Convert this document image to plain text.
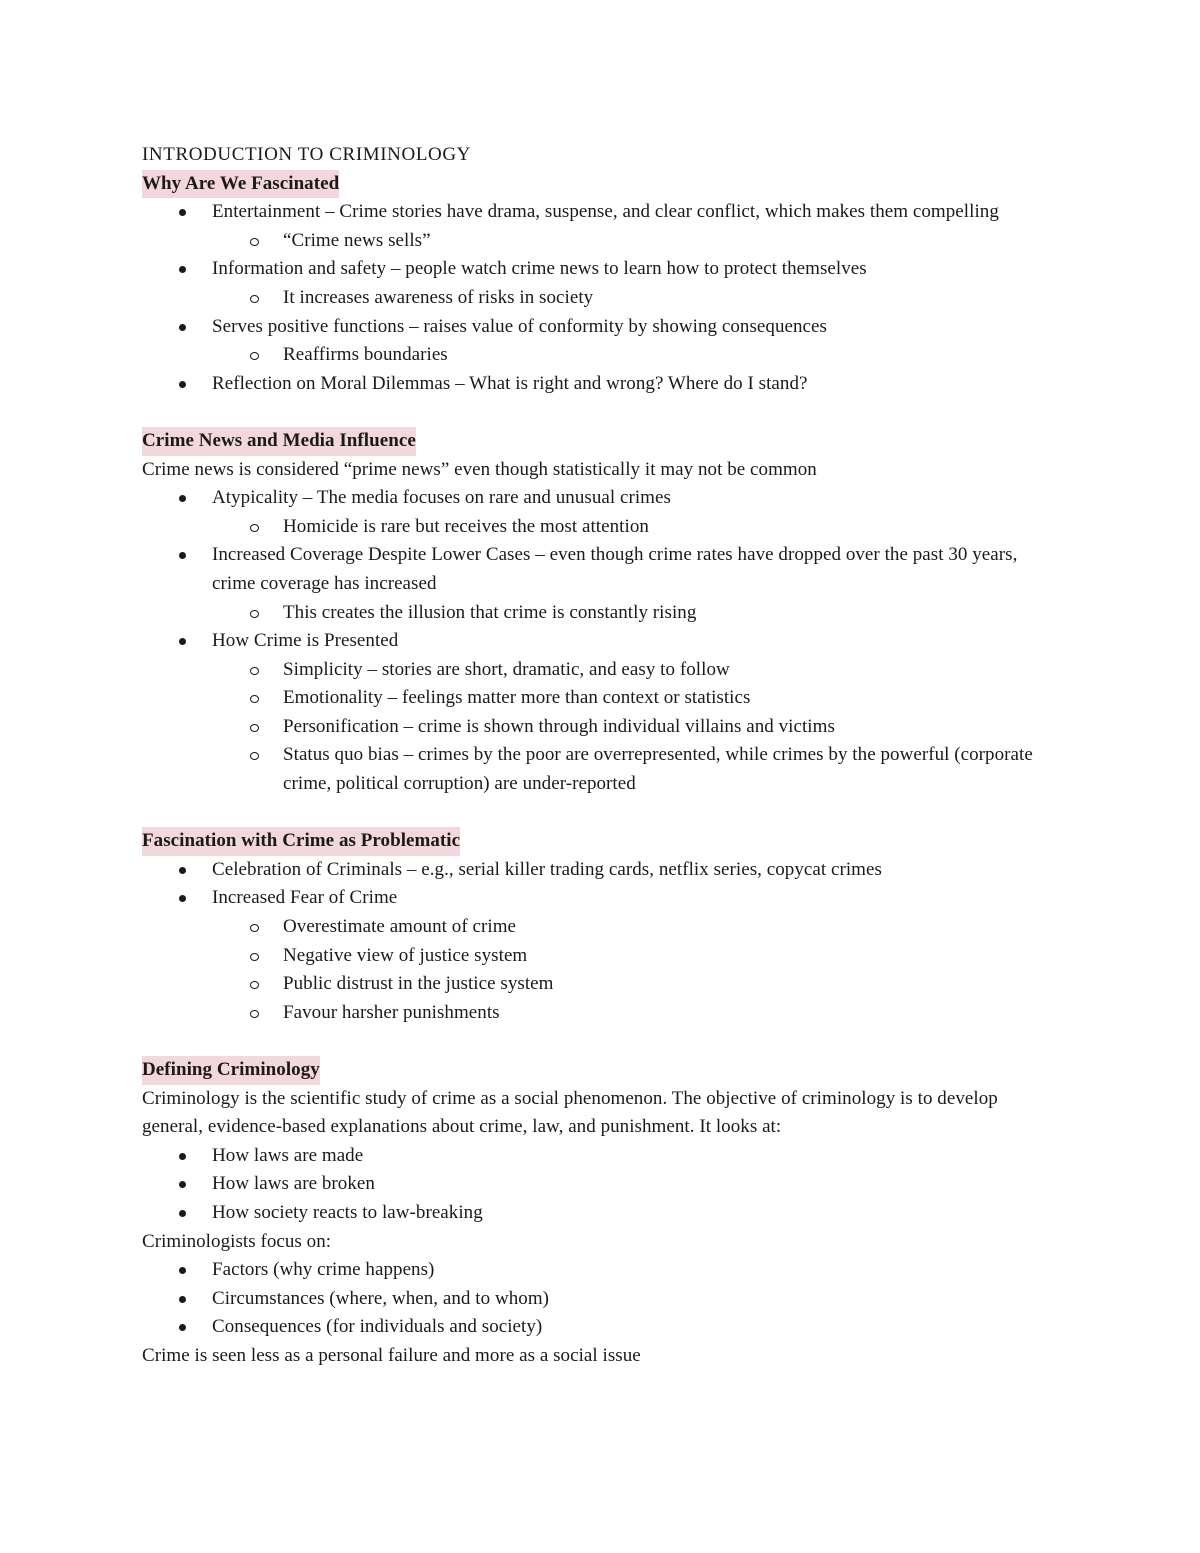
INTRODUCTION TO CRIMINOLOGY

Why Are We Fascinated

Entertainment – Crime stories have drama, suspense, and clear conflict, which makes them compelling
“Crime news sells”
Information and safety – people watch crime news to learn how to protect themselves
It increases awareness of risks in society
Serves positive functions – raises value of conformity by showing consequences
Reaffirms boundaries
Reflection on Moral Dilemmas – What is right and wrong? Where do I stand?

Crime News and Media Influence

Crime news is considered “prime news” even though statistically it may not be common

Atypicality – The media focuses on rare and unusual crimes
Homicide is rare but receives the most attention
Increased Coverage Despite Lower Cases – even though crime rates have dropped over the past 30 years, crime coverage has increased
This creates the illusion that crime is constantly rising
How Crime is Presented
Simplicity – stories are short, dramatic, and easy to follow
Emotionality – feelings matter more than context or statistics
Personification – crime is shown through individual villains and victims
Status quo bias – crimes by the poor are overrepresented, while crimes by the powerful (corporate crime, political corruption) are under-reported

Fascination with Crime as Problematic

Celebration of Criminals – e.g., serial killer trading cards, netflix series, copycat crimes
Increased Fear of Crime
Overestimate amount of crime
Negative view of justice system
Public distrust in the justice system
Favour harsher punishments

Defining Criminology

Criminology is the scientific study of crime as a social phenomenon. The objective of criminology is to develop general, evidence-based explanations about crime, law, and punishment. It looks at:

How laws are made
How laws are broken
How society reacts to law-breaking

Criminologists focus on:

Factors (why crime happens)
Circumstances (where, when, and to whom)
Consequences (for individuals and society)

Crime is seen less as a personal failure and more as a social issue
